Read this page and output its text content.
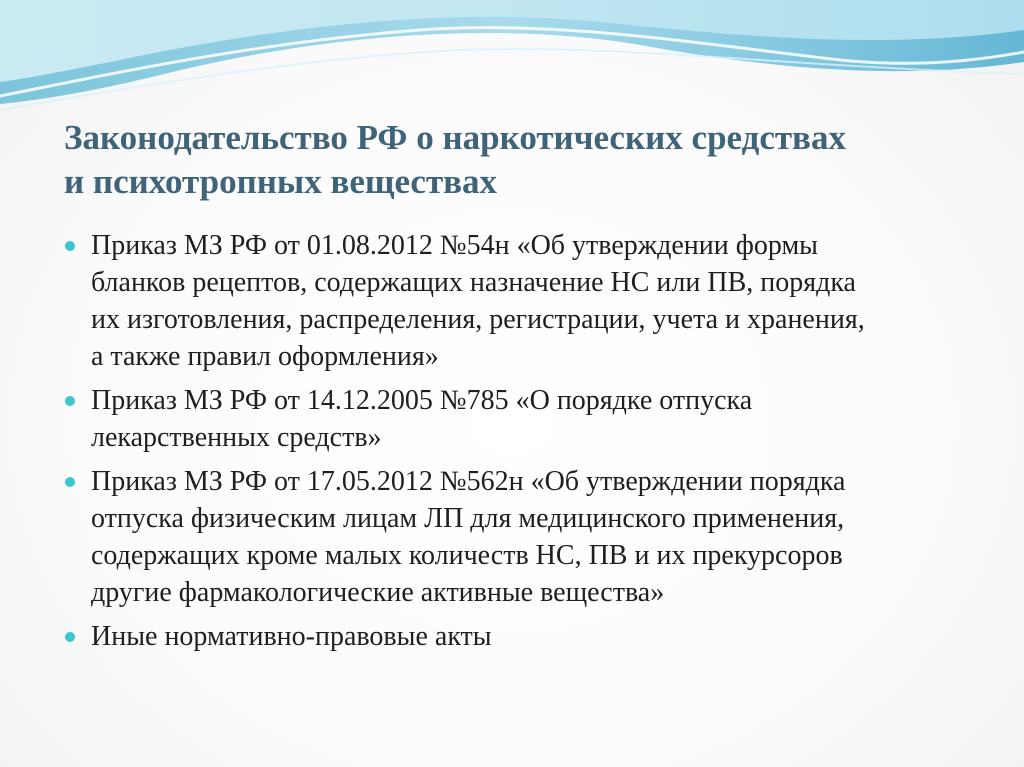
Законодательство РФ о наркотических средствах
и психотропных веществах
Приказ МЗ РФ от 01.08.2012 №54н «Об утверждении формы
бланков рецептов, содержащих назначение НС или ПВ, порядка
их изготовления, распределения, регистрации, учета и хранения,
а также правил оформления»
Приказ МЗ РФ от 14.12.2005 №785 «О порядке отпуска
лекарственных средств»
Приказ МЗ РФ от 17.05.2012 №562н «Об утверждении порядка
отпуска физическим лицам ЛП для медицинского применения,
содержащих кроме малых количеств НС, ПВ и их прекурсоров
другие фармакологические активные вещества»
Иные нормативно-правовые акты
